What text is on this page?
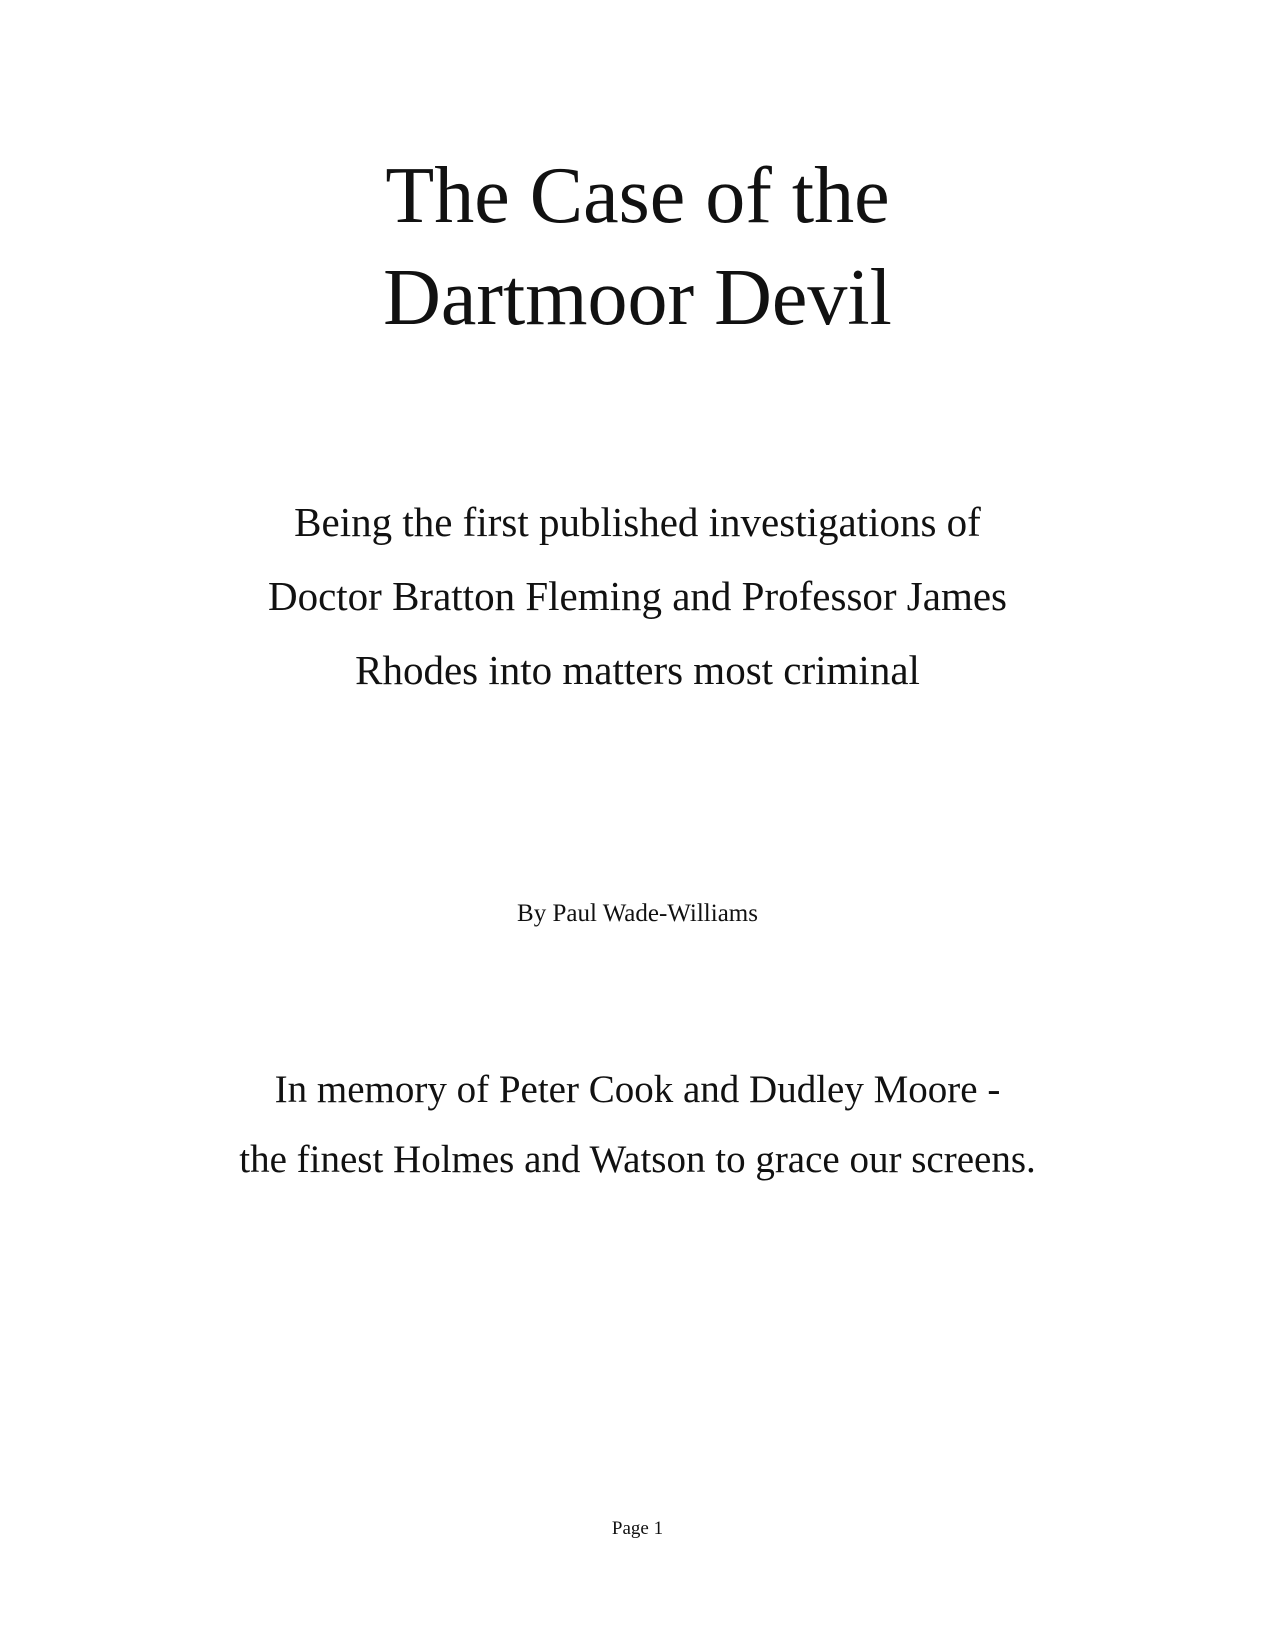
The Case of the
Dartmoor Devil
Being the first published investigations of
Doctor Bratton Fleming and Professor James
Rhodes into matters most criminal
By Paul Wade-Williams
In memory of Peter Cook and Dudley Moore -
the finest Holmes and Watson to grace our screens.
Page 1
